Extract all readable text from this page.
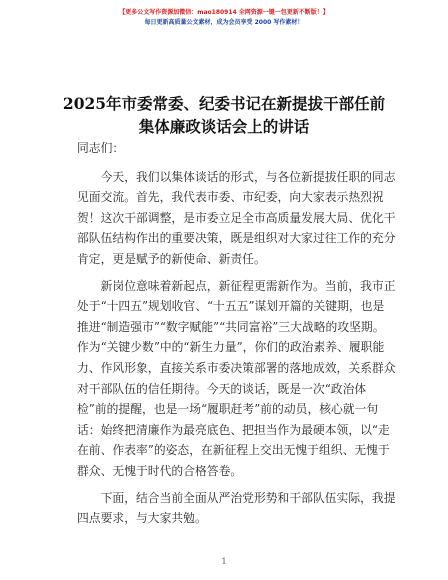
【更多公文写作资源加微信：mao180914 全网资源一键一包更新不断版！】
每日更新高质量公文素材，成为会员享受 2000 写作素材！
2025年市委常委、纪委书记在新提拔干部任前
集体廉政谈话会上的讲话
同志们：
今天，我们以集体谈话的形式，与各位新提拔任职的同志
见面交流。首先，我代表市委、市纪委，向大家表示热烈祝
贺！这次干部调整，是市委立足全市高质量发展大局、优化干
部队伍结构作出的重要决策，既是组织对大家过往工作的充分
肯定，更是赋予的新使命、新责任。
新岗位意味着新起点，新征程更需新作为。当前，我市正
处于“十四五”规划收官、“十五五”谋划开篇的关键期，也是
推进“制造强市”“数字赋能”“共同富裕”三大战略的攻坚期。
作为“关键少数”中的“新生力量”，你们的政治素养、履职能
力、作风形象，直接关系市委决策部署的落地成效，关系群众
对干部队伍的信任期待。今天的谈话，既是一次“政治体
检”前的提醒，也是一场“履职赶考”前的动员，核心就一句
话：始终把清廉作为最亮底色、把担当作为最硬本领，以“走
在前、作表率”的姿态，在新征程上交出无愧于组织、无愧于
群众、无愧于时代的合格答卷。
下面，结合当前全面从严治党形势和干部队伍实际，我提
四点要求，与大家共勉。
1
